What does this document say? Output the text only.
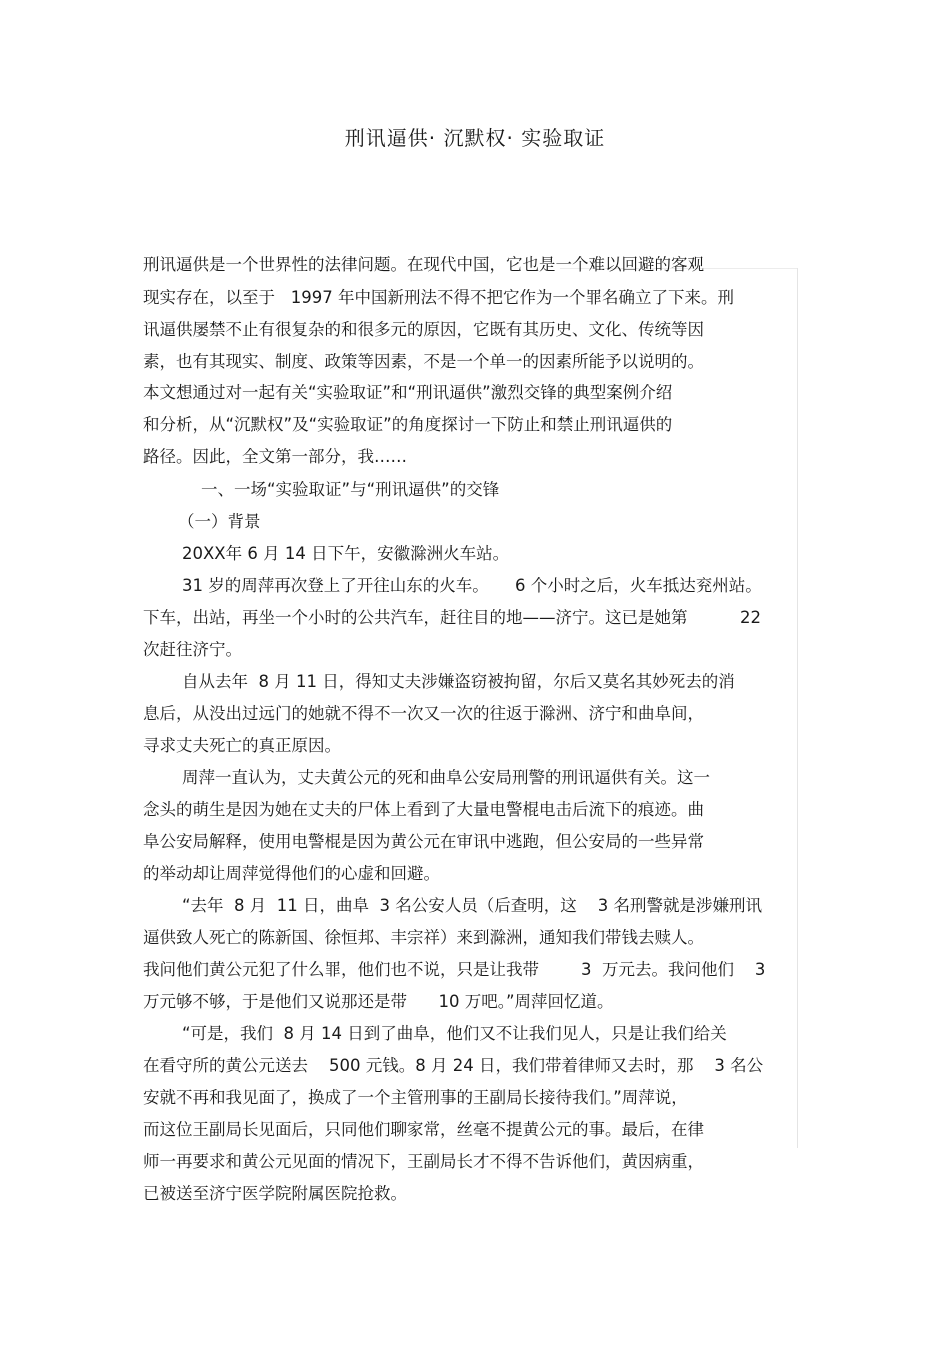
刑讯逼供· 沉默权· 实验取证
刑讯逼供是一个世界性的法律问题。在现代中国，它也是一个难以回避的客观
现实存在，以至于   1997 年中国新刑法不得不把它作为一个罪名确立了下来。刑
讯逼供屡禁不止有很复杂的和很多元的原因，它既有其历史、文化、传统等因
素，也有其现实、制度、政策等因素，不是一个单一的因素所能予以说明的。
本文想通过对一起有关“实验取证”和“刑讯逼供”激烈交锋的典型案例介绍
和分析，从“沉默权”及“实验取证”的角度探讨一下防止和禁止刑讯逼供的
路径。因此，全文第一部分，我……
一、一场“实验取证”与“刑讯逼供”的交锋
（一）背景
20XX年 6 月 14 日下午，安徽滁洲火车站。
31 岁的周萍再次登上了开往山东的火车。     6 个小时之后，火车抵达兖州站。
下车，出站，再坐一个小时的公共汽车，赶往目的地——济宁。这已是她第          22
次赶往济宁。
自从去年  8 月 11 日，得知丈夫涉嫌盗窃被拘留，尔后又莫名其妙死去的消
息后，从没出过远门的她就不得不一次又一次的往返于滁洲、济宁和曲阜间，
寻求丈夫死亡的真正原因。
周萍一直认为，丈夫黄公元的死和曲阜公安局刑警的刑讯逼供有关。这一
念头的萌生是因为她在丈夫的尸体上看到了大量电警棍电击后流下的痕迹。曲
阜公安局解释，使用电警棍是因为黄公元在审讯中逃跑，但公安局的一些异常
的举动却让周萍觉得他们的心虚和回避。
“去年  8 月  11 日，曲阜  3 名公安人员（后查明，这    3 名刑警就是涉嫌刑讯
逼供致人死亡的陈新国、徐恒邦、丰宗祥）来到滁洲，通知我们带钱去赎人。
我问他们黄公元犯了什么罪，他们也不说，只是让我带        3  万元去。我问他们    3
万元够不够，于是他们又说那还是带      10 万吧。”周萍回忆道。
“可是，我们  8 月 14 日到了曲阜，他们又不让我们见人，只是让我们给关
在看守所的黄公元送去    500 元钱。8 月 24 日，我们带着律师又去时，那    3 名公
安就不再和我见面了，换成了一个主管刑事的王副局长接待我们。”周萍说，
而这位王副局长见面后，只同他们聊家常，丝毫不提黄公元的事。最后，在律
师一再要求和黄公元见面的情况下，王副局长才不得不告诉他们，黄因病重，
已被送至济宁医学院附属医院抢救。
